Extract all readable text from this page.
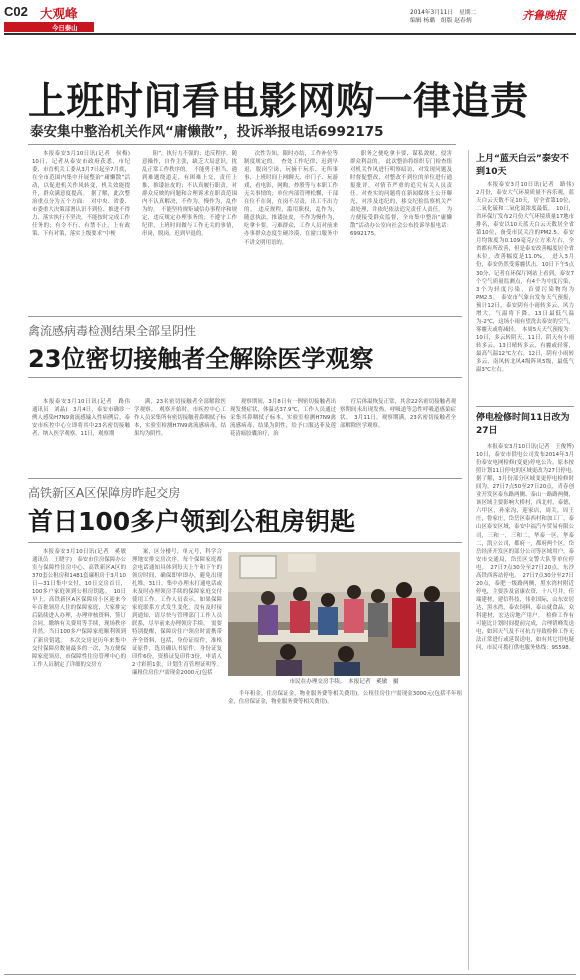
C02 大观峰
今日泰山
2014年3月11日　星期二
编辑 杨璐　组版 赵春炳	齐鲁晚报
上班时间看电影网购一律追责
泰安集中整治机关作风“庸懒散”，投诉举报电话6992175

本报泰安3月10日讯(记者　侯梅)　10日，记者从泰安市政府获悉，市纪委、市直机关工委从3月7日起至7月底，在全市范围内集中开展整治“庸懒散”活动，以促进机关作风转变，机关效能提升，群众满意度提高。　据了解，此次整治重点分为五个方面：　对中央、省委、市委重大决策部署认识不到位、推进不得力、落实执行不坚决，不能按时完成工作任务的；有令不行、有禁不止，上有政策、下有对策，落实上级要求“中梗

阻”，执行力不强的；违反程序，随意操作，自作主张，缺乏大局意识，扰乱正常工作秩序的。　不能勇于担当，遇到难题绕道走，有困难上交，责任上推，推诿扯皮的；不认真履行职责，对群众反映的问题和合理诉求在职责范围内不认真解决，不作为，慢作为，乱作为的。　不能坚持规矩诚信办事程序和规定，违反规定办理事务的；不遵守工作纪律，上班时间做与工作无关的事情，串岗，脱岗，迟到早退的。

次性告知，限时办结，工作补位等制度规定的。　查处工作纪律，迟到早退，脱岗空岗，玩摘干玩乐、无所事事，上班时间上网聊天、串门子、玩游戏，看电影，网购，炒股等与本职工作无关事情的；单位内部管理松懈，干部在位不在岗，在岗不尽责，出工不出力的。　违反规程，滥用职权，乱作为，随意执法，推诿扯皮，不作为慢作为，吃拿卡要，刁难群众，工作人员对前来办事群众态度生硬冷漠，在窗口服务中不讲文明用语的。

职务之便吃拿卡要，谋私敛财，侵害群众利益的。　此次整治将组织专门检查组对机关作风进行明察暗访，对发现问题及时督促整改，对整改不到位的单位进行通报批评，对情节严重的追究有关人员责任。对查实的问题将在新闻媒体上公开曝光，对涉及违纪的，移交纪检监察机关严肃处理，并依纪依法追究责任人责任。　为方便接受群众监督，全市集中整治“庸懒散”活动办公室向社会公布投诉举报电话：6992175。

上月“蓝天白云”泰安不到10天

本报泰安3月10日讯(记者　路伟)　2月份，泰安大气环境质量不容乐观，蓝天白云天数不足10天，居全省第10位，二氧化硫和二氧化氮浓度最低。　10日，省环保厅发布2月份大气环境质量17地市排名，泰安以10天蓝天白云天数居全省第10位，备受市民关注的PM2.5，泰安月均浓度为0.109毫克/立方米左右，全省都有所改善，但是泰安改善幅度居全省末位，改善幅度是11.0%。　进入3月份，泰安仍然受雾霾伏击。10日下午5点30分，记者在环保厅网站上看到，泰安7个空气质量监测点，有4个为中度污染，3个为轻度污染，首要污染物均为PM2.5。　泰安市气象台发布天气预报，预计12日，泰安阴有小雨转多云，风力增大，气温将下降，13日最低气温为-2℃，这场小雨有望洗去泰安的空气，雾霾天或将减轻。　本周5天天气预报为：10日，多云转阴天，11日，阴天有小雨转多云，13日晴转多云，有霾或轻雾，最高气温12℃左右。12日，阴有小雨转多云，南风转北风4级阵风5级，最低气温3℃左右。

停电检修时间11日改为27日

本报泰安3月10日讯(记者　王俊博)　10日，泰安市供电公司发布2014年3月份泰安电网检修(变更)停电公告。原本按照计划11日停电的区域更改为27日停电。　据了解，3月份部分区域变更停电检修时间为，27日7点50至27日20点，青春创业开发区泰东路两侧、泰山一路路两侧，该区域主要影响大桥村，西北村，泰德，六甲区，孙家沟，迎家店，周关，周王庄，鲁家庄，岱岳区泰西村和加工厂，泰山区泰安区域，泰安中福汽车贸易有限公司，三和一，三和二，华泰一区，华泰二，凯立公司，都府一，都府两个区，岱岳经济开发区的部分公司等区域用户，泰安市交通局，岱岳区交警大队等单位停电。　27日7点30分至27日20点，东沙高铁西客站停电。　27日7点30分至27日20点，泰肥一级路两侧，黑水湾村附近停电，主要涉及富康农资，十八号井，佳瑞建材，建信科技，伟业国际，山东安居达，黑水湾，泰农饲料，泰山就食品，众科建材，宏达房地产用户。　检修工作有可能比计划时间提前完成，合理错峰发送电，如因天气及不可抗力导致检修工作无法正常进行或延误送电，如有其它用电疑问，市民可拨打供电服务热线：95598。

禽流感病毒检测结果全部呈阴性
23位密切接触者全解除医学观察

本报泰安3月10日讯(记者　路伟　通讯员　刘晶)　3月4日，泰安市确诊一例人感染H7N9禽流感输入性病例后，泰安市疾控中心立即将其中23名密切接触者，纳入医学观察，11日，观察期

满，23名密切接触者全部解除医学观察。　观察开始时，市疾控中心工作人员采集所有密切接触者鼻咽拭子标本，实验室检测H7N9禽流感病毒，结果均为阴性。

观察期间，3月8日有一例密切接触者出现发烧症状，体温达37.9℃，工作人员通过采集其鼻咽拭子标本，实验室检测H7N9禽流感病毒，结果为阴性，给予口服达菲及莲花清瘟胶囊治疗，治

疗后体温恢复正常，其余22名密切接触者观察期间未出现发热，呼吸道等急性呼吸道感染症状。　3月11日，观察期满，23名密切接触者全部解除医学观察。

高铁新区A区保障房昨起交房
首日100多户领到公租房钥匙

本报泰安3月10日讯(记者　奚敏　通讯员　王晓宇)　泰安市住房保障办公室与保障性住房中心、高铁新区A区的370套公租房和1481套廉租房于3月10日—31日集中交付，10日交房首日，100多户家庭领到公租房钥匙。　10日早上，高铁新区A区保障房小区迎来今年首批领房人住的保障家庭，大家排完后陆续进入办理，办理审核资料，签订合同，缴纳有关费用等手续，现场秩序井然，当日100多户保障家庭顺利领到了新房钥匙。　本次交房是历年来集中交付保障房数量最多的一次，为方便保障家庭领房，市保障性住房管理中心的工作人员制定了详细的交房方

案，区分楼号，单元号，科学合理地安排交房次序，每个保障家庭都会电话通知具体到每天上午和下午的领房时间，确保即审即办，避免出现扎堆，31日，集中办理末打通电话或未及时办理领房手续的保障家庭交付使用工作。工作人员表示，如果保障家庭联系方式发生变化，没有及时接到通知，请尽快与管理部门工作人员联系，尽早前来办理领房手续。　需要特别提醒，保障房住户领房时需携带齐全资料，包括，身份证原件，准格证原件，选房确认书原件，身份证复印件6份，资格证复印件3份，申请人2寸彩照1张，计划生育管理证明等。廉租住房住户需现金2000元(包括

半年租金，住房保证金，物业服务费等相关费用)。公租住房住户需现金3000元(包括半年租金，住房保证金，物业服务费等相关费用)。

市民在办理交房手续。　本报记者　奚敏　摄
